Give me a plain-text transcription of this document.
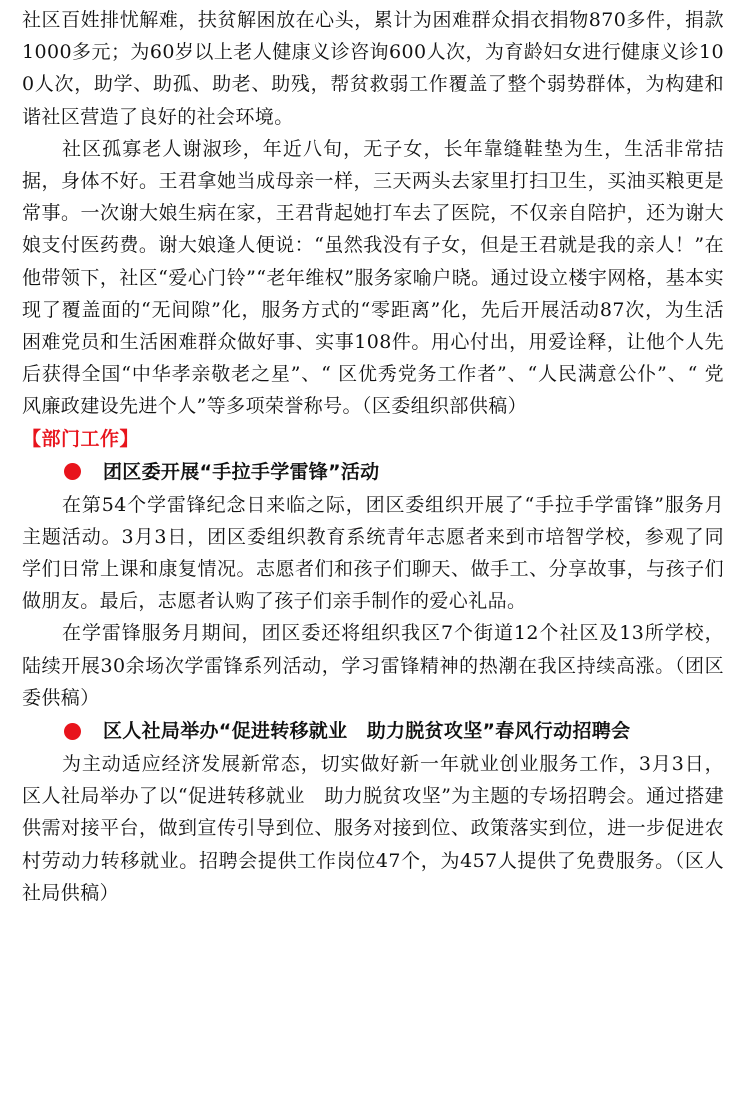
社区百姓排忧解难，扶贫解困放在心头，累计为困难群众捐衣捐物870多件，捐款1000多元；为60岁以上老人健康义诊咨询600人次，为育龄妇女进行健康义诊100人次，助学、助孤、助老、助残，帮贫救弱工作覆盖了整个弱势群体，为构建和谐社区营造了良好的社会环境。

社区孤寡老人谢淑珍，年近八旬，无子女，长年靠缝鞋垫为生，生活非常拮据，身体不好。王君拿她当成母亲一样，三天两头去家里打扫卫生，买油买粮更是常事。一次谢大娘生病在家，王君背起她打车去了医院，不仅亲自陪护，还为谢大娘支付医药费。谢大娘逢人便说：“虽然我没有子女，但是王君就是我的亲人！”在他带领下，社区“爱心门铃”“老年维权”服务家喻户晓。通过设立楼宇网格，基本实现了覆盖面的“无间隙”化，服务方式的“零距离”化，先后开展活动87次，为生活困难党员和生活困难群众做好事、实事108件。用心付出，用爱诠释，让他个人先后获得全国“中华孝亲敬老之星”、“ 区优秀党务工作者”、“人民满意公仆”、“ 党风廉政建设先进个人”等多项荣誉称号。（区委组织部供稿）

【部门工作】
团区委开展“手拉手学雷锋”活动

在第54个学雷锋纪念日来临之际，团区委组织开展了“手拉手学雷锋”服务月主题活动。3月3日，团区委组织教育系统青年志愿者来到市培智学校，参观了同学们日常上课和康复情况。志愿者们和孩子们聊天、做手工、分享故事，与孩子们做朋友。最后，志愿者认购了孩子们亲手制作的爱心礼品。

在学雷锋服务月期间，团区委还将组织我区7个街道12个社区及13所学校，陆续开展30余场次学雷锋系列活动，学习雷锋精神的热潮在我区持续高涨。（团区委供稿）

区人社局举办“促进转移就业　助力脱贫攻坚”春风行动招聘会

为主动适应经济发展新常态，切实做好新一年就业创业服务工作，3月3日，区人社局举办了以“促进转移就业　助力脱贫攻坚”为主题的专场招聘会。通过搭建供需对接平台，做到宣传引导到位、服务对接到位、政策落实到位，进一步促进农村劳动力转移就业。招聘会提供工作岗位47个，为457人提供了免费服务。（区人社局供稿）
